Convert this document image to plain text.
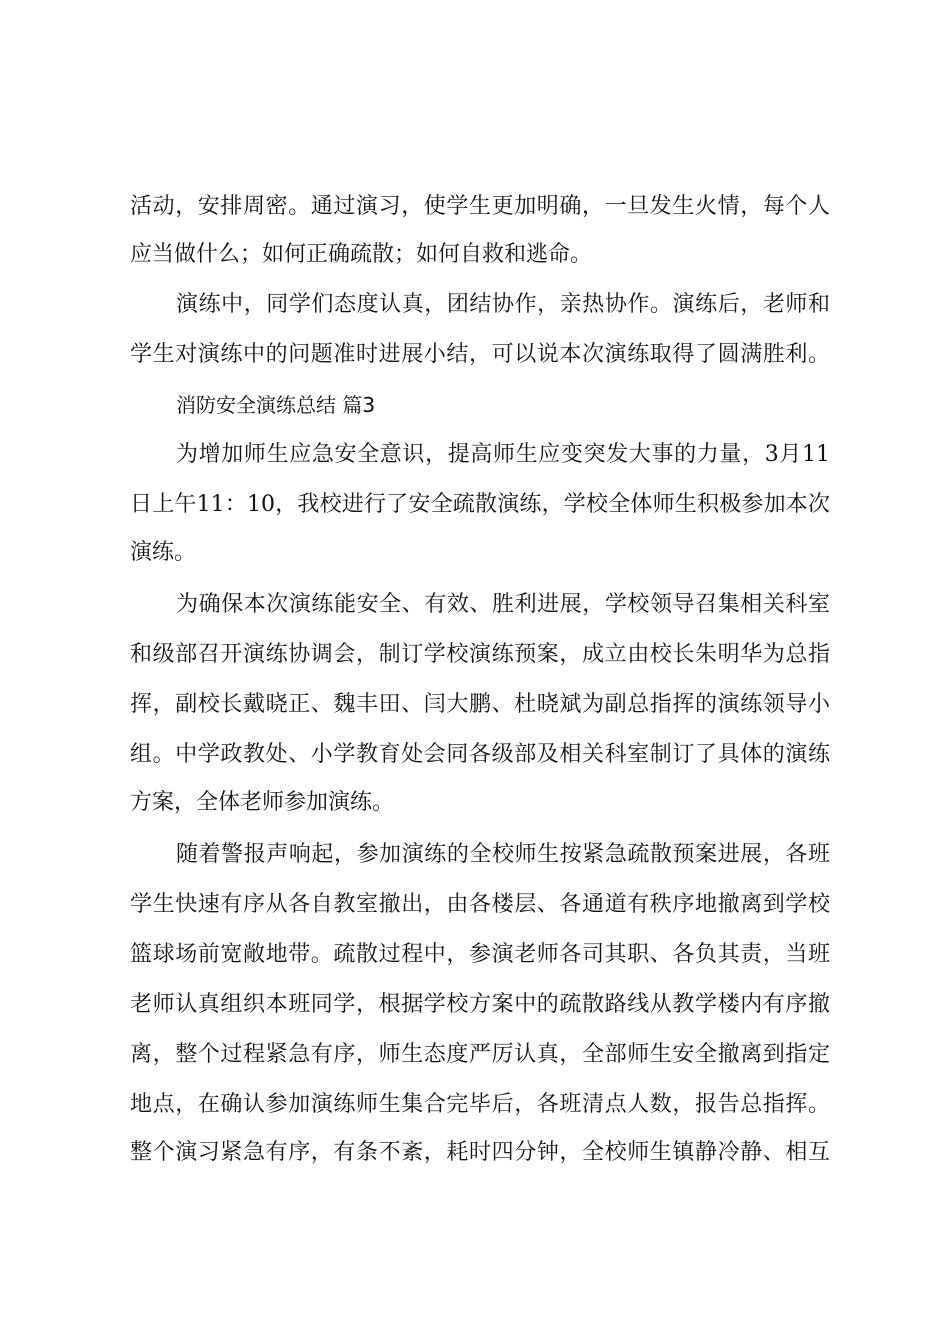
活动，安排周密。通过演习，使学生更加明确，一旦发生火情，每个人
应当做什么；如何正确疏散；如何自救和逃命。
演练中，同学们态度认真，团结协作，亲热协作。演练后，老师和
学生对演练中的问题准时进展小结，可以说本次演练取得了圆满胜利。
消防安全演练总结 篇3
为增加师生应急安全意识，提高师生应变突发大事的力量，3月11
日上午11：10，我校进行了安全疏散演练，学校全体师生积极参加本次
演练。
为确保本次演练能安全、有效、胜利进展，学校领导召集相关科室
和级部召开演练协调会，制订学校演练预案，成立由校长朱明华为总指
挥，副校长戴晓正、魏丰田、闫大鹏、杜晓斌为副总指挥的演练领导小
组。中学政教处、小学教育处会同各级部及相关科室制订了具体的演练
方案，全体老师参加演练。
随着警报声响起，参加演练的全校师生按紧急疏散预案进展，各班
学生快速有序从各自教室撤出，由各楼层、各通道有秩序地撤离到学校
篮球场前宽敞地带。疏散过程中，参演老师各司其职、各负其责，当班
老师认真组织本班同学，根据学校方案中的疏散路线从教学楼内有序撤
离，整个过程紧急有序，师生态度严厉认真，全部师生安全撤离到指定
地点，在确认参加演练师生集合完毕后，各班清点人数，报告总指挥。
整个演习紧急有序，有条不紊，耗时四分钟，全校师生镇静冷静、相互
